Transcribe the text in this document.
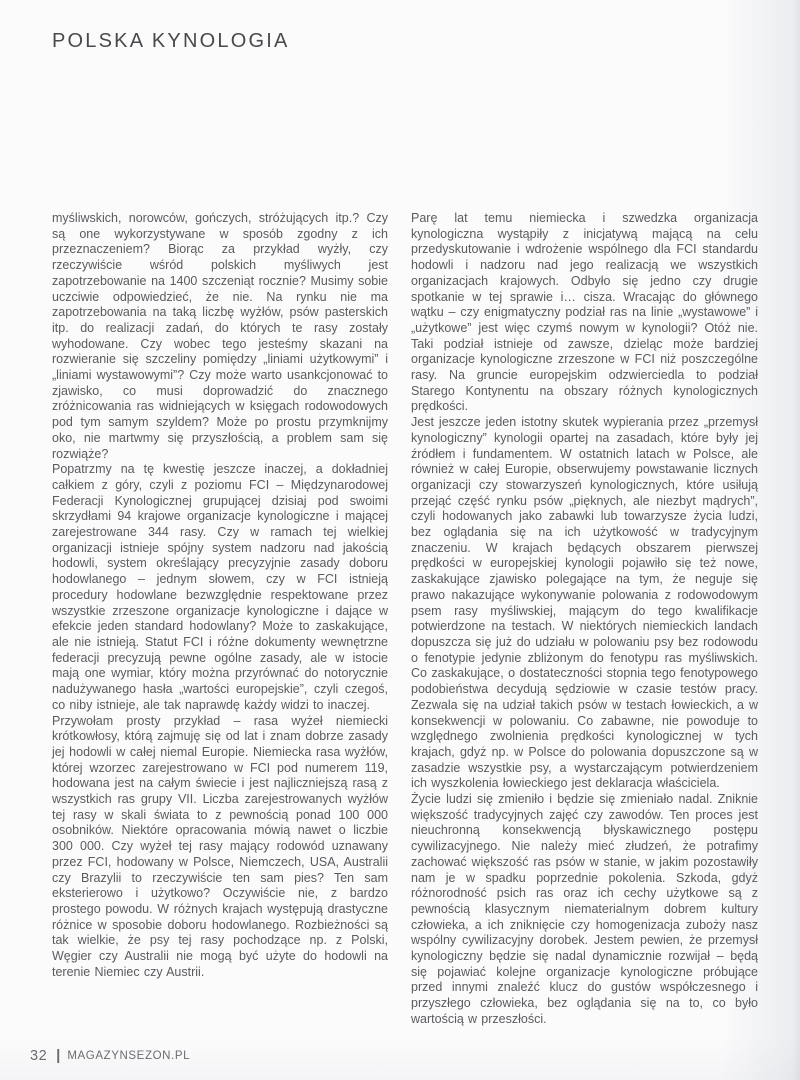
POLSKA KYNOLOGIA

myśliwskich, norowców, gończych, stróżujących itp.? Czy są one wykorzystywane w sposób zgodny z ich przeznaczeniem? Biorąc za przykład wyżły, czy rzeczywiście wśród polskich myśliwych jest zapotrzebowanie na 1400 szczeniąt rocznie? Musimy sobie uczciwie odpowiedzieć, że nie. Na rynku nie ma zapotrzebowania na taką liczbę wyżłów, psów pasterskich itp. do realizacji zadań, do których te rasy zostały wyhodowane. Czy wobec tego jesteśmy skazani na rozwieranie się szczeliny pomiędzy „liniami użytkowymi” i „liniami wystawowymi”? Czy może warto usankcjonować to zjawisko, co musi doprowadzić do znacznego zróżnicowania ras widniejących w księgach rodowodowych pod tym samym szyldem? Może po prostu przymknijmy oko, nie martwmy się przyszłością, a problem sam się rozwiąże?

Popatrzmy na tę kwestię jeszcze inaczej, a dokładniej całkiem z góry, czyli z poziomu FCI – Międzynarodowej Federacji Kynologicznej grupującej dzisiaj pod swoimi skrzydłami 94 krajowe organizacje kynologiczne i mającej zarejestrowane 344 rasy. Czy w ramach tej wielkiej organizacji istnieje spójny system nadzoru nad jakością hodowli, system określający precyzyjnie zasady doboru hodowlanego – jednym słowem, czy w FCI istnieją procedury hodowlane bezwzględnie respektowane przez wszystkie zrzeszone organizacje kynologiczne i dające w efekcie jeden standard hodowlany? Może to zaskakujące, ale nie istnieją. Statut FCI i różne dokumenty wewnętrzne federacji precyzują pewne ogólne zasady, ale w istocie mają one wymiar, który można przyrównać do notorycznie nadużywanego hasła „wartości europejskie”, czyli czegoś, co niby istnieje, ale tak naprawdę każdy widzi to inaczej.

Przywołam prosty przykład – rasa wyżeł niemiecki krótkowłosy, którą zajmuję się od lat i znam dobrze zasady jej hodowli w całej niemal Europie. Niemiecka rasa wyżłów, której wzorzec zarejestrowano w FCI pod numerem 119, hodowana jest na całym świecie i jest najliczniejszą rasą z wszystkich ras grupy VII. Liczba zarejestrowanych wyżłów tej rasy w skali świata to z pewnością ponad 100 000 osobników. Niektóre opracowania mówią nawet o liczbie 300 000. Czy wyżeł tej rasy mający rodowód uznawany przez FCI, hodowany w Polsce, Niemczech, USA, Australii czy Brazylii to rzeczywiście ten sam pies? Ten sam eksterierowo i użytkowo? Oczywiście nie, z bardzo prostego powodu. W różnych krajach występują drastyczne różnice w sposobie doboru hodowlanego. Rozbieżności są tak wielkie, że psy tej rasy pochodzące np. z Polski, Węgier czy Australii nie mogą być użyte do hodowli na terenie Niemiec czy Austrii.

Parę lat temu niemiecka i szwedzka organizacja kynologiczna wystąpiły z inicjatywą mającą na celu przedyskutowanie i wdrożenie wspólnego dla FCI standardu hodowli i nadzoru nad jego realizacją we wszystkich organizacjach krajowych. Odbyło się jedno czy drugie spotkanie w tej sprawie i… cisza. Wracając do głównego wątku – czy enigmatyczny podział ras na linie „wystawowe” i „użytkowe” jest więc czymś nowym w kynologii? Otóż nie. Taki podział istnieje od zawsze, dzieląc może bardziej organizacje kynologiczne zrzeszone w FCI niż poszczególne rasy. Na gruncie europejskim odzwierciedla to podział Starego Kontynentu na obszary różnych kynologicznych prędkości.

Jest jeszcze jeden istotny skutek wypierania przez „przemysł kynologiczny” kynologii opartej na zasadach, które były jej źródłem i fundamentem. W ostatnich latach w Polsce, ale również w całej Europie, obserwujemy powstawanie licznych organizacji czy stowarzyszeń kynologicznych, które usiłują przejąć część rynku psów „pięknych, ale niezbyt mądrych”, czyli hodowanych jako zabawki lub towarzysze życia ludzi, bez oglądania się na ich użytkowość w tradycyjnym znaczeniu. W krajach będących obszarem pierwszej prędkości w europejskiej kynologii pojawiło się też nowe, zaskakujące zjawisko polegające na tym, że neguje się prawo nakazujące wykonywanie polowania z rodowodowym psem rasy myśliwskiej, mającym do tego kwalifikacje potwierdzone na testach. W niektórych niemieckich landach dopuszcza się już do udziału w polowaniu psy bez rodowodu o fenotypie jedynie zbliżonym do fenotypu ras myśliwskich. Co zaskakujące, o dostateczności stopnia tego fenotypowego podobieństwa decydują sędziowie w czasie testów pracy. Zezwala się na udział takich psów w testach łowieckich, a w konsekwencji w polowaniu. Co zabawne, nie powoduje to względnego zwolnienia prędkości kynologicznej w tych krajach, gdyż np. w Polsce do polowania dopuszczone są w zasadzie wszystkie psy, a wystarczającym potwierdzeniem ich wyszkolenia łowieckiego jest deklaracja właściciela.

Życie ludzi się zmieniło i będzie się zmieniało nadal. Zniknie większość tradycyjnych zajęć czy zawodów. Ten proces jest nieuchronną konsekwencją błyskawicznego postępu cywilizacyjnego. Nie należy mieć złudzeń, że potrafimy zachować większość ras psów w stanie, w jakim pozostawiły nam je w spadku poprzednie pokolenia. Szkoda, gdyż różnorodność psich ras oraz ich cechy użytkowe są z pewnością klasycznym niematerialnym dobrem kultury człowieka, a ich zniknięcie czy homogenizacja zuboży nasz wspólny cywilizacyjny dorobek. Jestem pewien, że przemysł kynologiczny będzie się nadal dynamicznie rozwijał – będą się pojawiać kolejne organizacje kynologiczne próbujące przed innymi znaleźć klucz do gustów współczesnego i przyszłego człowieka, bez oglądania się na to, co było wartością w przeszłości.

32 | MAGAZYNSEZON.PL
